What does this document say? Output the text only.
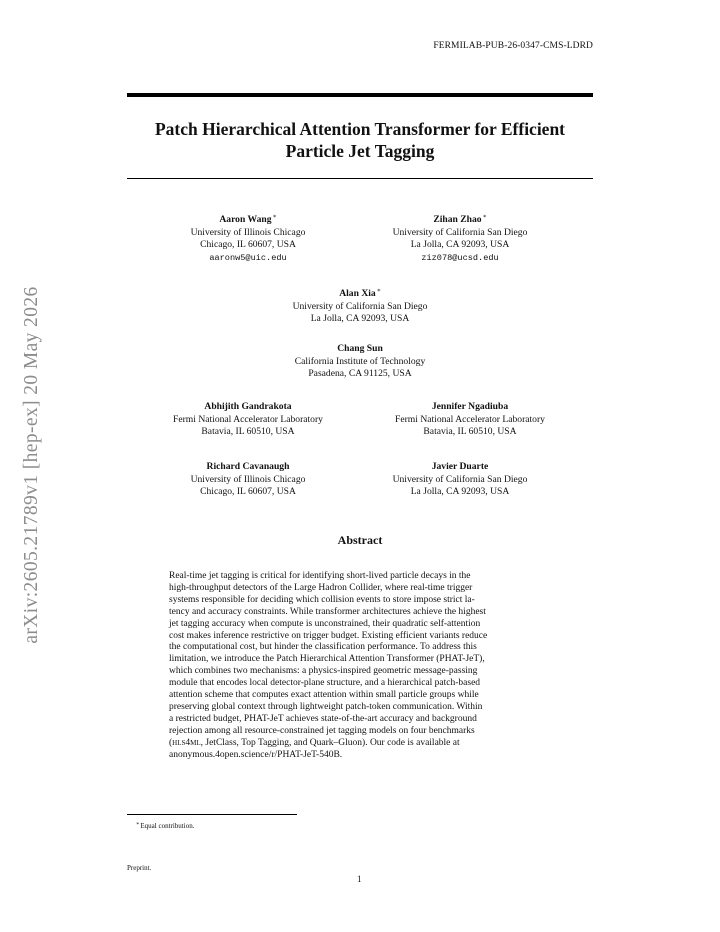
FERMILAB-PUB-26-0347-CMS-LDRD
Patch Hierarchical Attention Transformer for Efficient
Particle Jet Tagging
arXiv:2605.21789v1 [hep-ex] 20 May 2026
Aaron Wang∗
University of Illinois Chicago
Chicago, IL 60607, USA
aaronw5@uic.edu
Zihan Zhao∗
University of California San Diego
La Jolla, CA 92093, USA
ziz078@ucsd.edu
Alan Xia∗
University of California San Diego
La Jolla, CA 92093, USA
Chang Sun
California Institute of Technology
Pasadena, CA 91125, USA
Abhijith Gandrakota
Fermi National Accelerator Laboratory
Batavia, IL 60510, USA
Jennifer Ngadiuba
Fermi National Accelerator Laboratory
Batavia, IL 60510, USA
Richard Cavanaugh
University of Illinois Chicago
Chicago, IL 60607, USA
Javier Duarte
University of California San Diego
La Jolla, CA 92093, USA
Abstract
Real-time jet tagging is critical for identifying short-lived particle decays in the
high-throughput detectors of the Large Hadron Collider, where real-time trigger
systems responsible for deciding which collision events to store impose strict la-
tency and accuracy constraints. While transformer architectures achieve the highest
jet tagging accuracy when compute is unconstrained, their quadratic self-attention
cost makes inference restrictive on trigger budget. Existing efficient variants reduce
the computational cost, but hinder the classification performance. To address this
limitation, we introduce the Patch Hierarchical Attention Transformer (PHAT-JeT),
which combines two mechanisms: a physics-inspired geometric message-passing
module that encodes local detector-plane structure, and a hierarchical patch-based
attention scheme that computes exact attention within small particle groups while
preserving global context through lightweight patch-token communication. Within
a restricted budget, PHAT-JeT achieves state-of-the-art accuracy and background
rejection among all resource-constrained jet tagging models on four benchmarks
(hls4ml, JetClass, Top Tagging, and Quark–Gluon). Our code is available at
anonymous.4open.science/r/PHAT-JeT-540B.
∗Equal contribution.
Preprint.
1
